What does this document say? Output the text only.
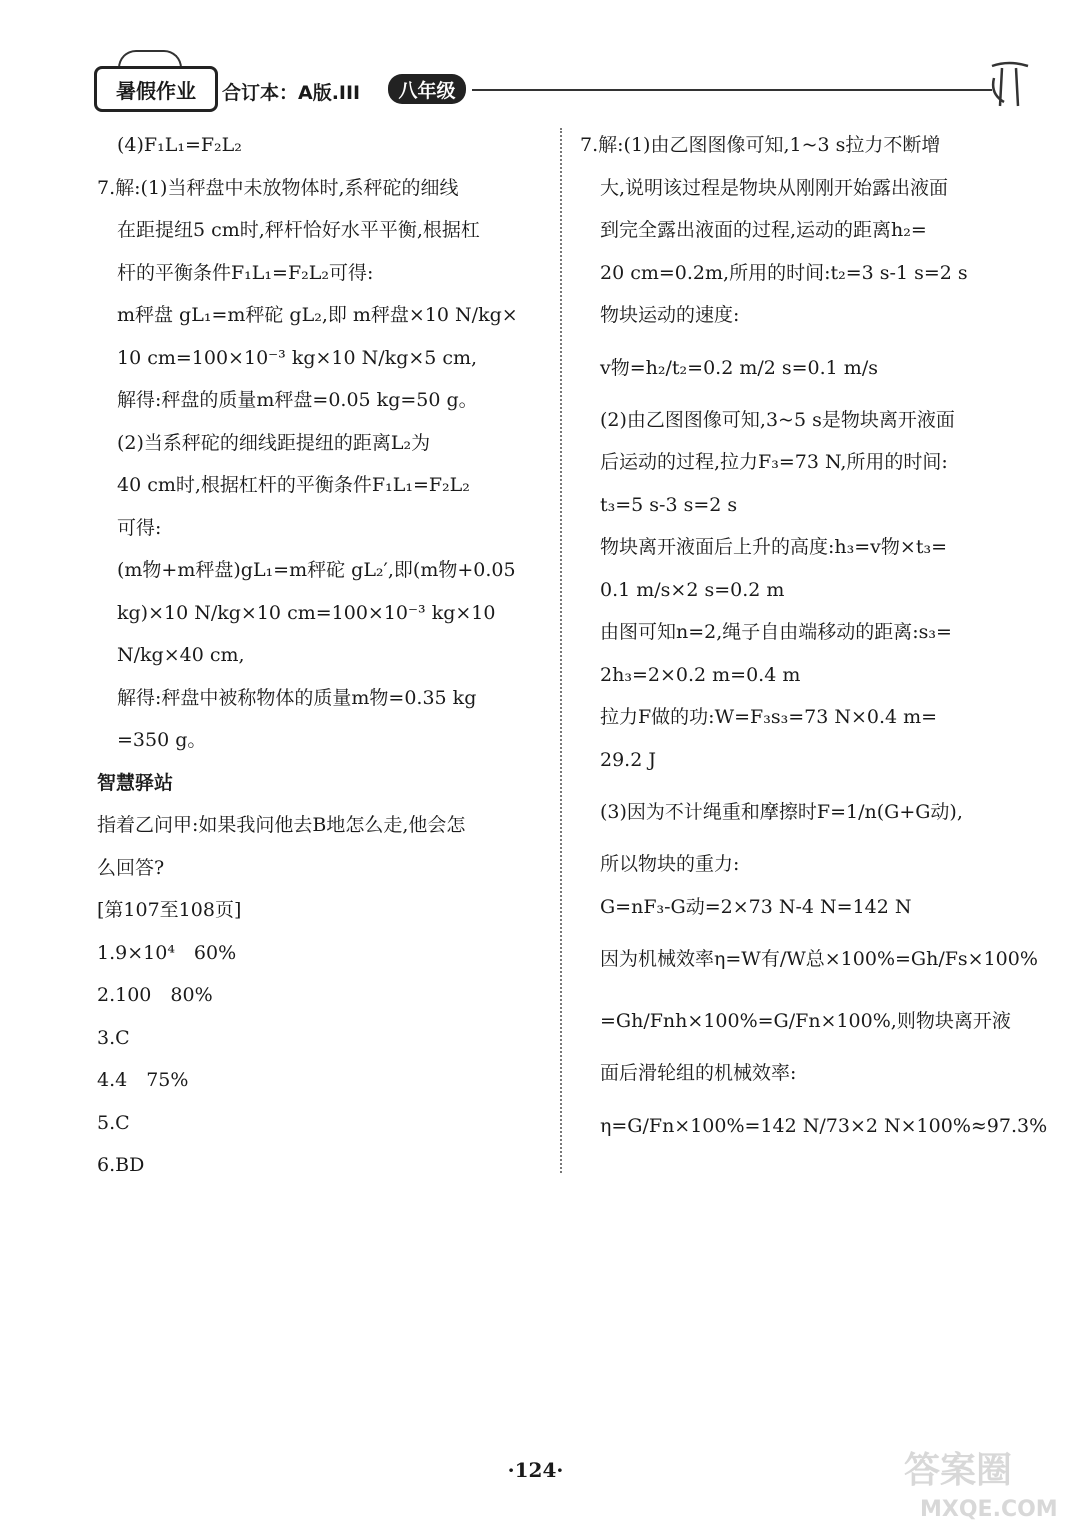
暑假作业 合订本：A版.III	八年级
(4)F₁L₁=F₂L₂
7.解:(1)当秤盘中未放物体时,系秤砣的细线
在距提纽5 cm时,秤杆恰好水平平衡,根据杠
杆的平衡条件F₁L₁=F₂L₂可得:
m秤盘 gL₁=m秤砣 gL₂,即 m秤盘×10 N/kg×
10 cm=100×10⁻³ kg×10 N/kg×5 cm,
解得:秤盘的质量m秤盘=0.05 kg=50 g。
(2)当系秤砣的细线距提纽的距离L₂为
40 cm时,根据杠杆的平衡条件F₁L₁=F₂L₂
可得:
(m物+m秤盘)gL₁=m秤砣 gL₂′,即(m物+0.05
kg)×10 N/kg×10 cm=100×10⁻³ kg×10
N/kg×40 cm,
解得:秤盘中被称物体的质量m物=0.35 kg
=350 g。
智慧驿站
指着乙问甲:如果我问他去B地怎么走,他会怎
么回答?
[第107至108页]
1.9×10⁴　60%
2.100　80%
3.C
4.4　75%
5.C
6.BD
7.解:(1)由乙图图像可知,1~3 s拉力不断增
大,说明该过程是物块从刚刚开始露出液面
到完全露出液面的过程,运动的距离h₂=
20 cm=0.2m,所用的时间:t₂=3 s-1 s=2 s
物块运动的速度:
v物=h₂/t₂=0.2 m/2 s=0.1 m/s
(2)由乙图图像可知,3~5 s是物块离开液面
后运动的过程,拉力F₃=73 N,所用的时间:
t₃=5 s-3 s=2 s
物块离开液面后上升的高度:h₃=v物×t₃=
0.1 m/s×2 s=0.2 m
由图可知n=2,绳子自由端移动的距离:s₃=
2h₃=2×0.2 m=0.4 m
拉力F做的功:W=F₃s₃=73 N×0.4 m=
29.2 J
(3)因为不计绳重和摩擦时F=1/n(G+G动),
所以物块的重力:
G=nF₃-G动=2×73 N-4 N=142 N
因为机械效率η=W有/W总×100%=Gh/Fs×100%
=Gh/Fnh×100%=G/Fn×100%,则物块离开液
面后滑轮组的机械效率:
η=G/Fn×100%=142 N/73×2 N×100%≈97.3%
·124·	答案圈
MXQE.COM
